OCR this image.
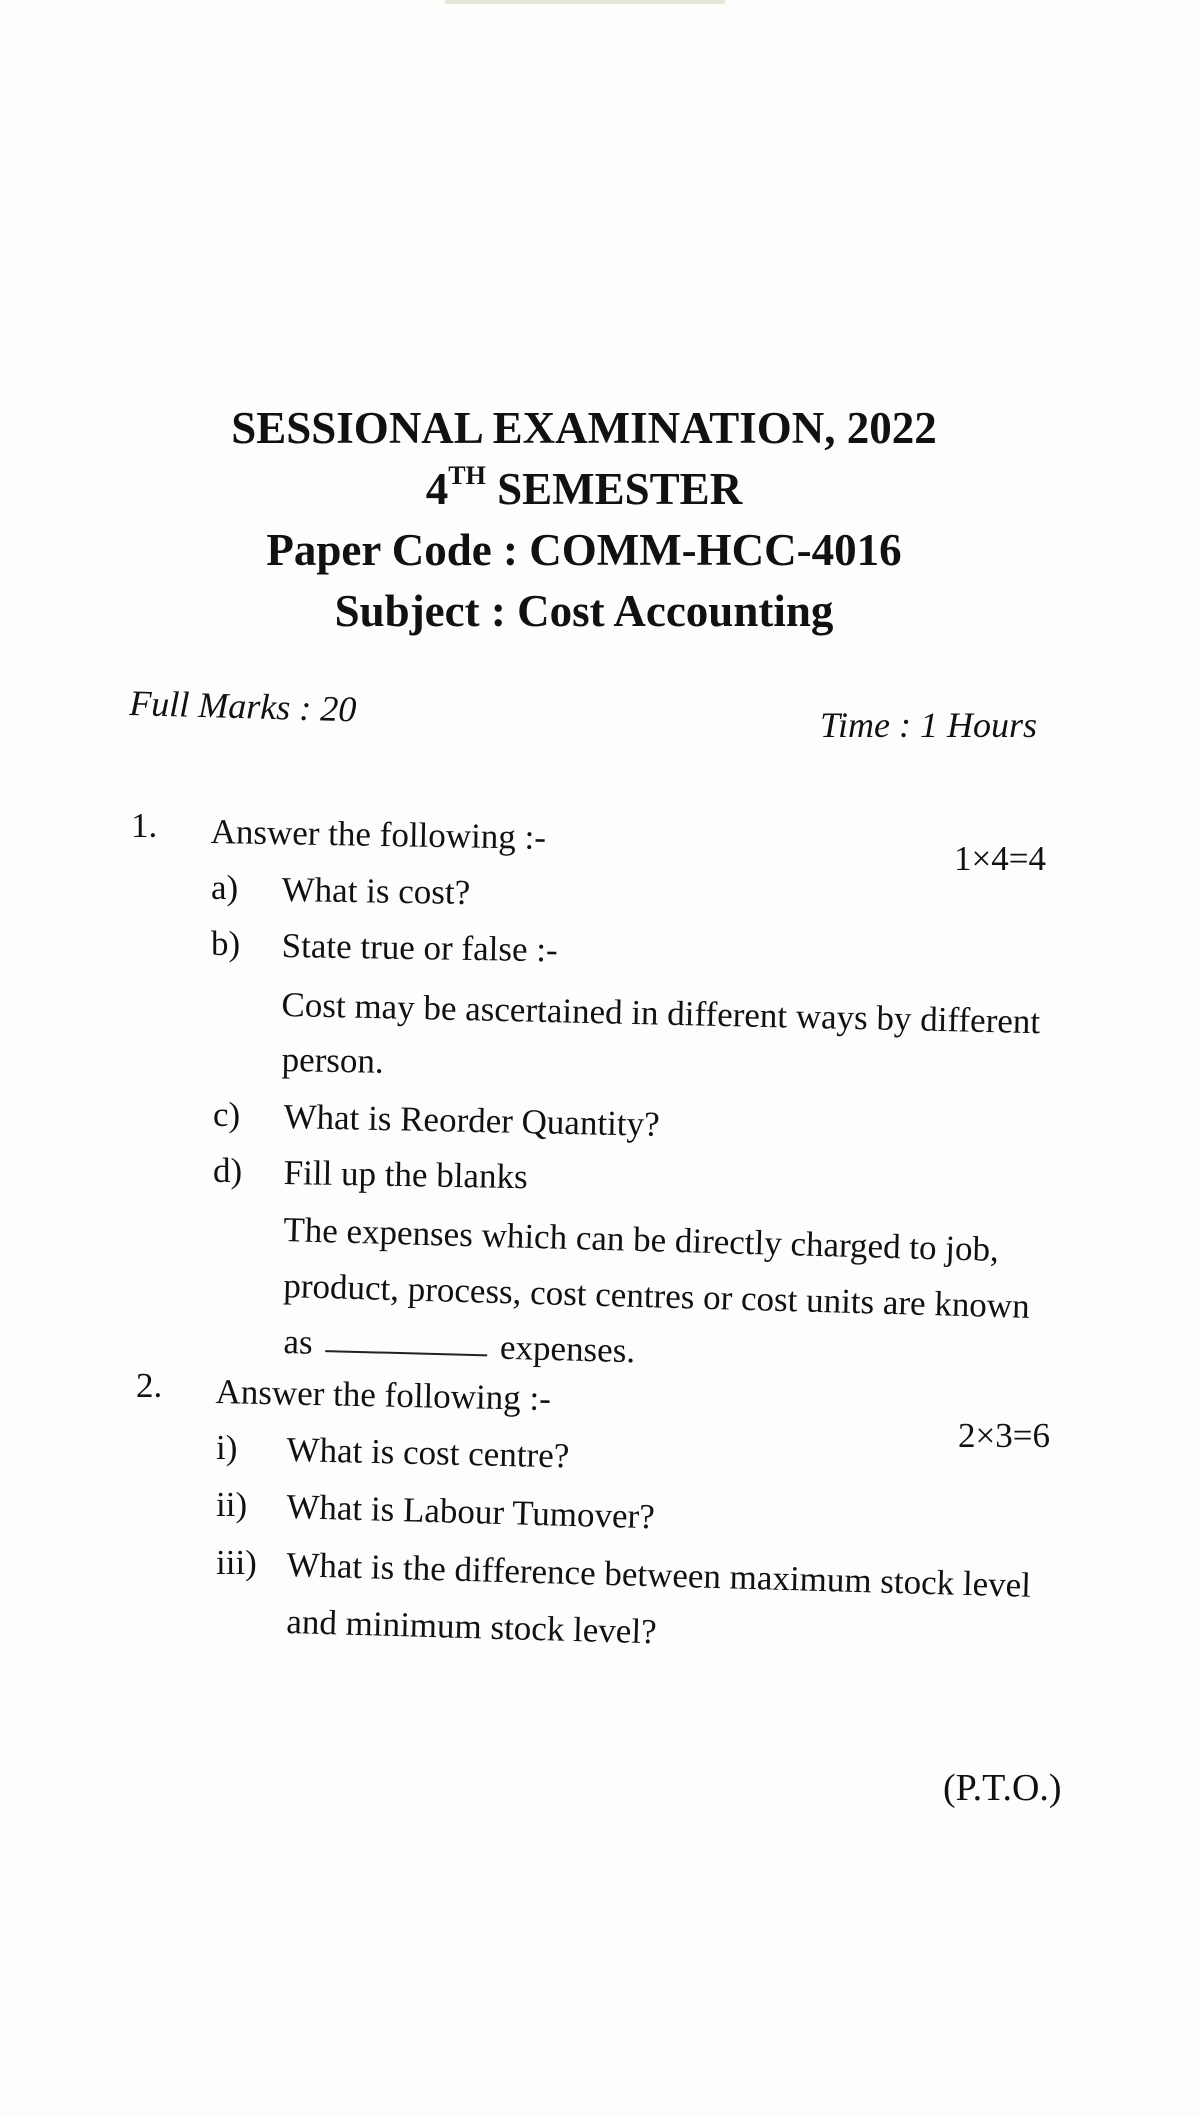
SESSIONAL EXAMINATION, 2022
4TH SEMESTER
Paper Code : COMM-HCC-4016
Subject : Cost Accounting
Full Marks : 20	Time : 1 Hours
1. Answer the following :-
1×4=4
a) What is cost?
b) State true or false :-
Cost may be ascertained in different ways by different
person.
c) What is Reorder Quantity?
d) Fill up the blanks
The expenses which can be directly charged to job,
product, process, cost centres or cost units are known
as	expenses.
2. Answer the following :-
2×3=6
i) What is cost centre?
ii) What is Labour Tumover?
iii) What is the difference between maximum stock level
and minimum stock level?
(P.T.O.)
